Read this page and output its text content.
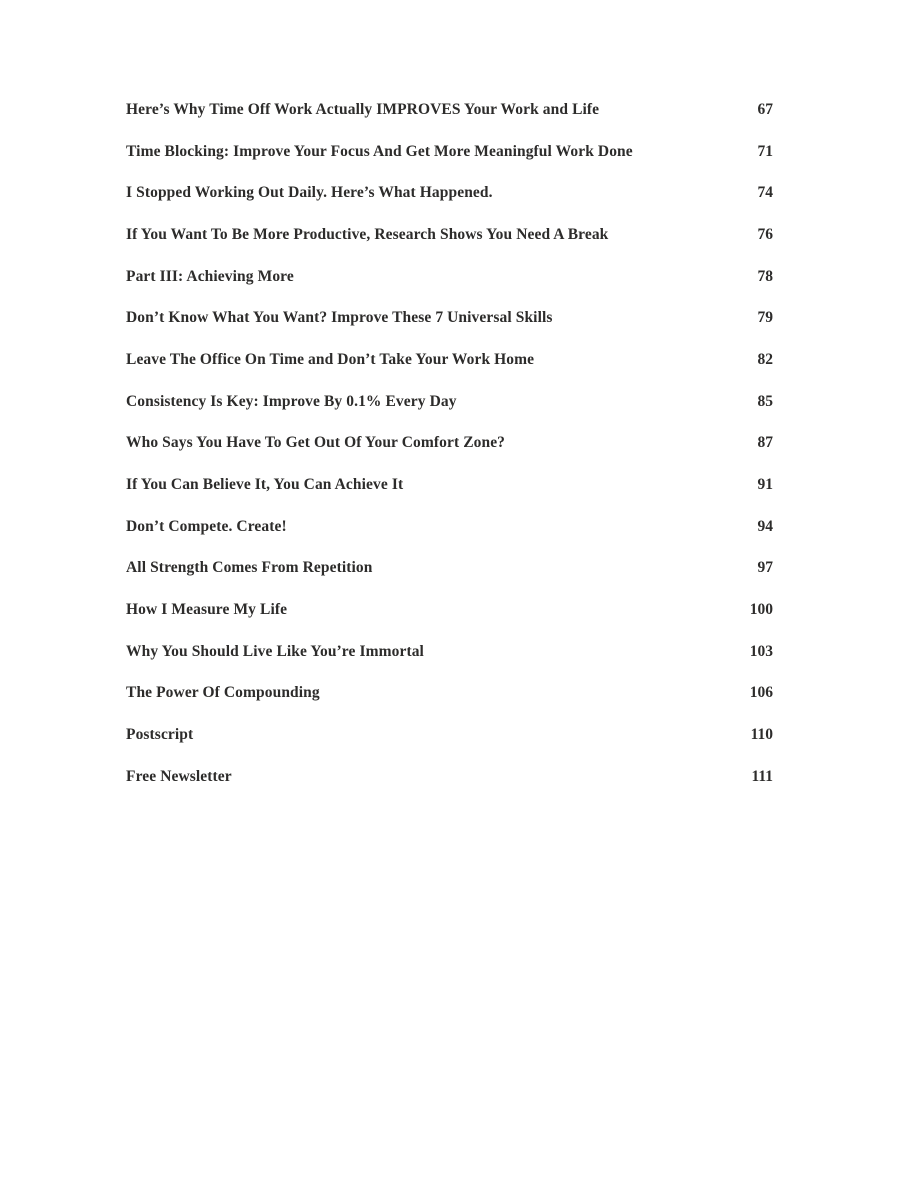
Here’s Why Time Off Work Actually IMPROVES Your Work and Life	67
Time Blocking: Improve Your Focus And Get More Meaningful Work Done	71
I Stopped Working Out Daily. Here’s What Happened.	74
If You Want To Be More Productive, Research Shows You Need A Break	76
Part III: Achieving More	78
Don’t Know What You Want? Improve These 7 Universal Skills	79
Leave The Office On Time and Don’t Take Your Work Home	82
Consistency Is Key: Improve By 0.1% Every Day	85
Who Says You Have To Get Out Of Your Comfort Zone?	87
If You Can Believe It, You Can Achieve It	91
Don’t Compete. Create!	94
All Strength Comes From Repetition	97
How I Measure My Life	100
Why You Should Live Like You’re Immortal	103
The Power Of Compounding	106
Postscript	110
Free Newsletter	111
